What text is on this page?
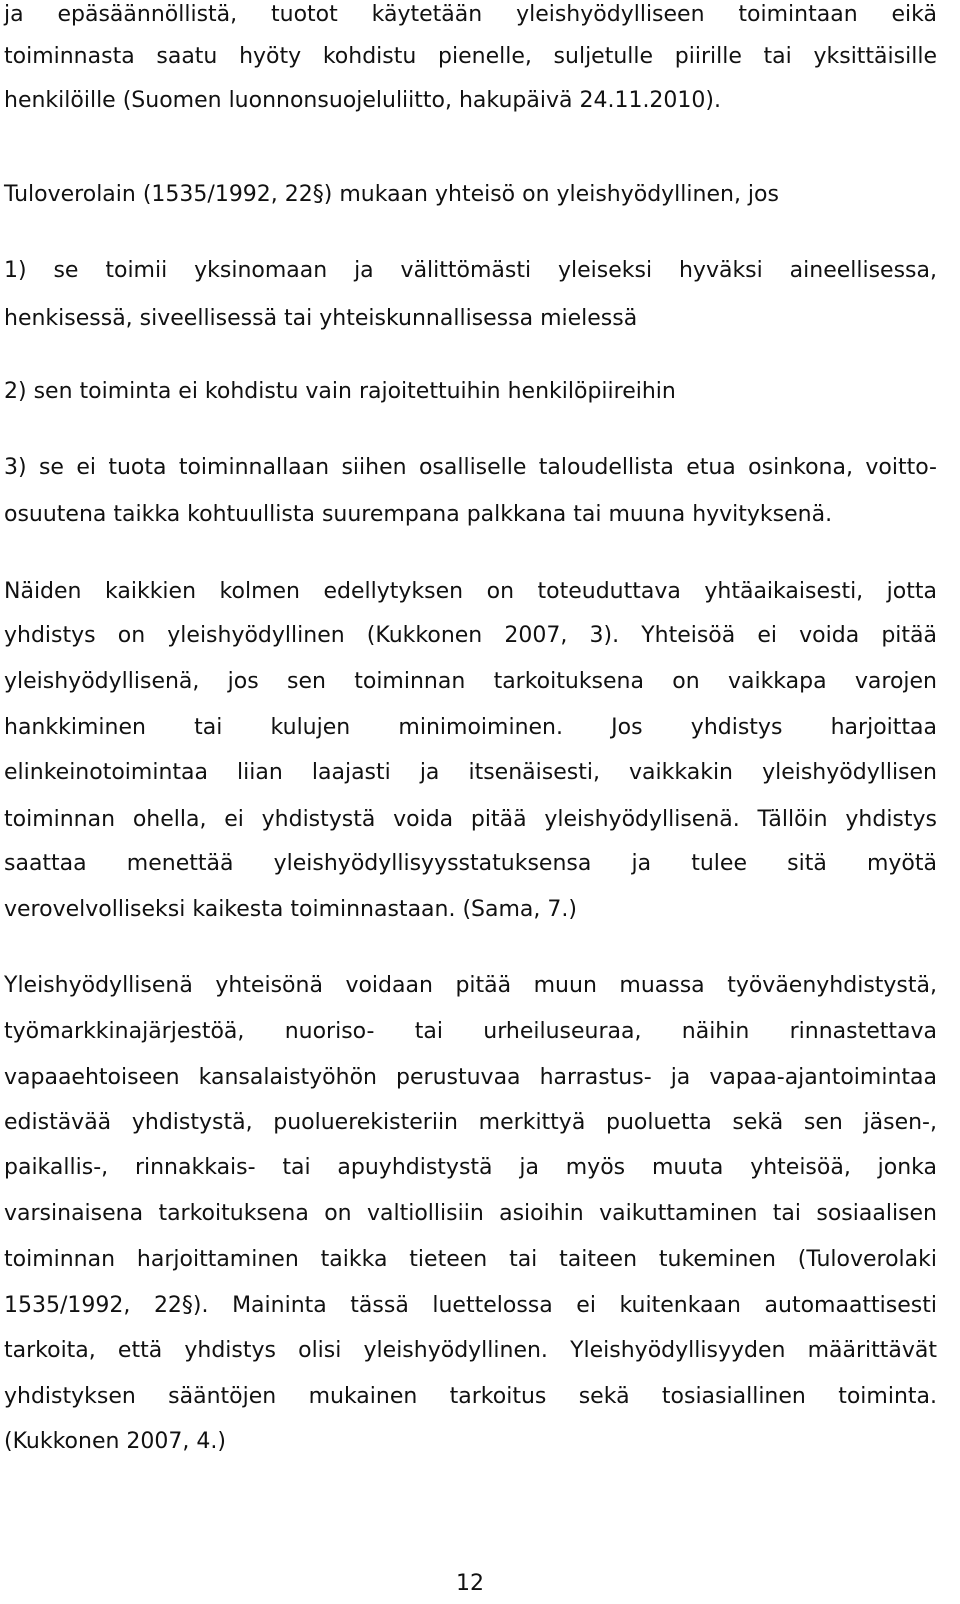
ja epäsäännöllistä, tuotot käytetään yleishyödylliseen toimintaan eikä
toiminnasta saatu hyöty kohdistu pienelle, suljetulle piirille tai yksittäisille
henkilöille (Suomen luonnonsuojeluliitto, hakupäivä 24.11.2010).
Tuloverolain (1535/1992, 22§) mukaan yhteisö on yleishyödyllinen, jos
1) se toimii yksinomaan ja välittömästi yleiseksi hyväksi aineellisessa,
henkisessä, siveellisessä tai yhteiskunnallisessa mielessä
2) sen toiminta ei kohdistu vain rajoitettuihin henkilöpiireihin
3) se ei tuota toiminnallaan siihen osalliselle taloudellista etua osinkona, voitto-
osuutena taikka kohtuullista suurempana palkkana tai muuna hyvityksenä.
Näiden kaikkien kolmen edellytyksen on toteuduttava yhtäaikaisesti, jotta
yhdistys on yleishyödyllinen (Kukkonen 2007, 3). Yhteisöä ei voida pitää
yleishyödyllisenä, jos sen toiminnan tarkoituksena on vaikkapa varojen
hankkiminen tai kulujen minimoiminen. Jos yhdistys harjoittaa
elinkeinotoimintaa liian laajasti ja itsenäisesti, vaikkakin yleishyödyllisen
toiminnan ohella, ei yhdistystä voida pitää yleishyödyllisenä. Tällöin yhdistys
saattaa menettää yleishyödyllisyysstatuksensa ja tulee sitä myötä
verovelvolliseksi kaikesta toiminnastaan. (Sama, 7.)
Yleishyödyllisenä yhteisönä voidaan pitää muun muassa työväenyhdistystä,
työmarkkinajärjestöä, nuoriso- tai urheiluseuraa, näihin rinnastettava
vapaaehtoiseen kansalaistyöhön perustuvaa harrastus- ja vapaa-ajantoimintaa
edistävää yhdistystä, puoluerekisteriin merkittyä puoluetta sekä sen jäsen-,
paikallis-, rinnakkais- tai apuyhdistystä ja myös muuta yhteisöä, jonka
varsinaisena tarkoituksena on valtiollisiin asioihin vaikuttaminen tai sosiaalisen
toiminnan harjoittaminen taikka tieteen tai taiteen tukeminen (Tuloverolaki
1535/1992, 22§). Maininta tässä luettelossa ei kuitenkaan automaattisesti
tarkoita, että yhdistys olisi yleishyödyllinen. Yleishyödyllisyyden määrittävät
yhdistyksen sääntöjen mukainen tarkoitus sekä tosiasiallinen toiminta.
(Kukkonen 2007, 4.)
12
